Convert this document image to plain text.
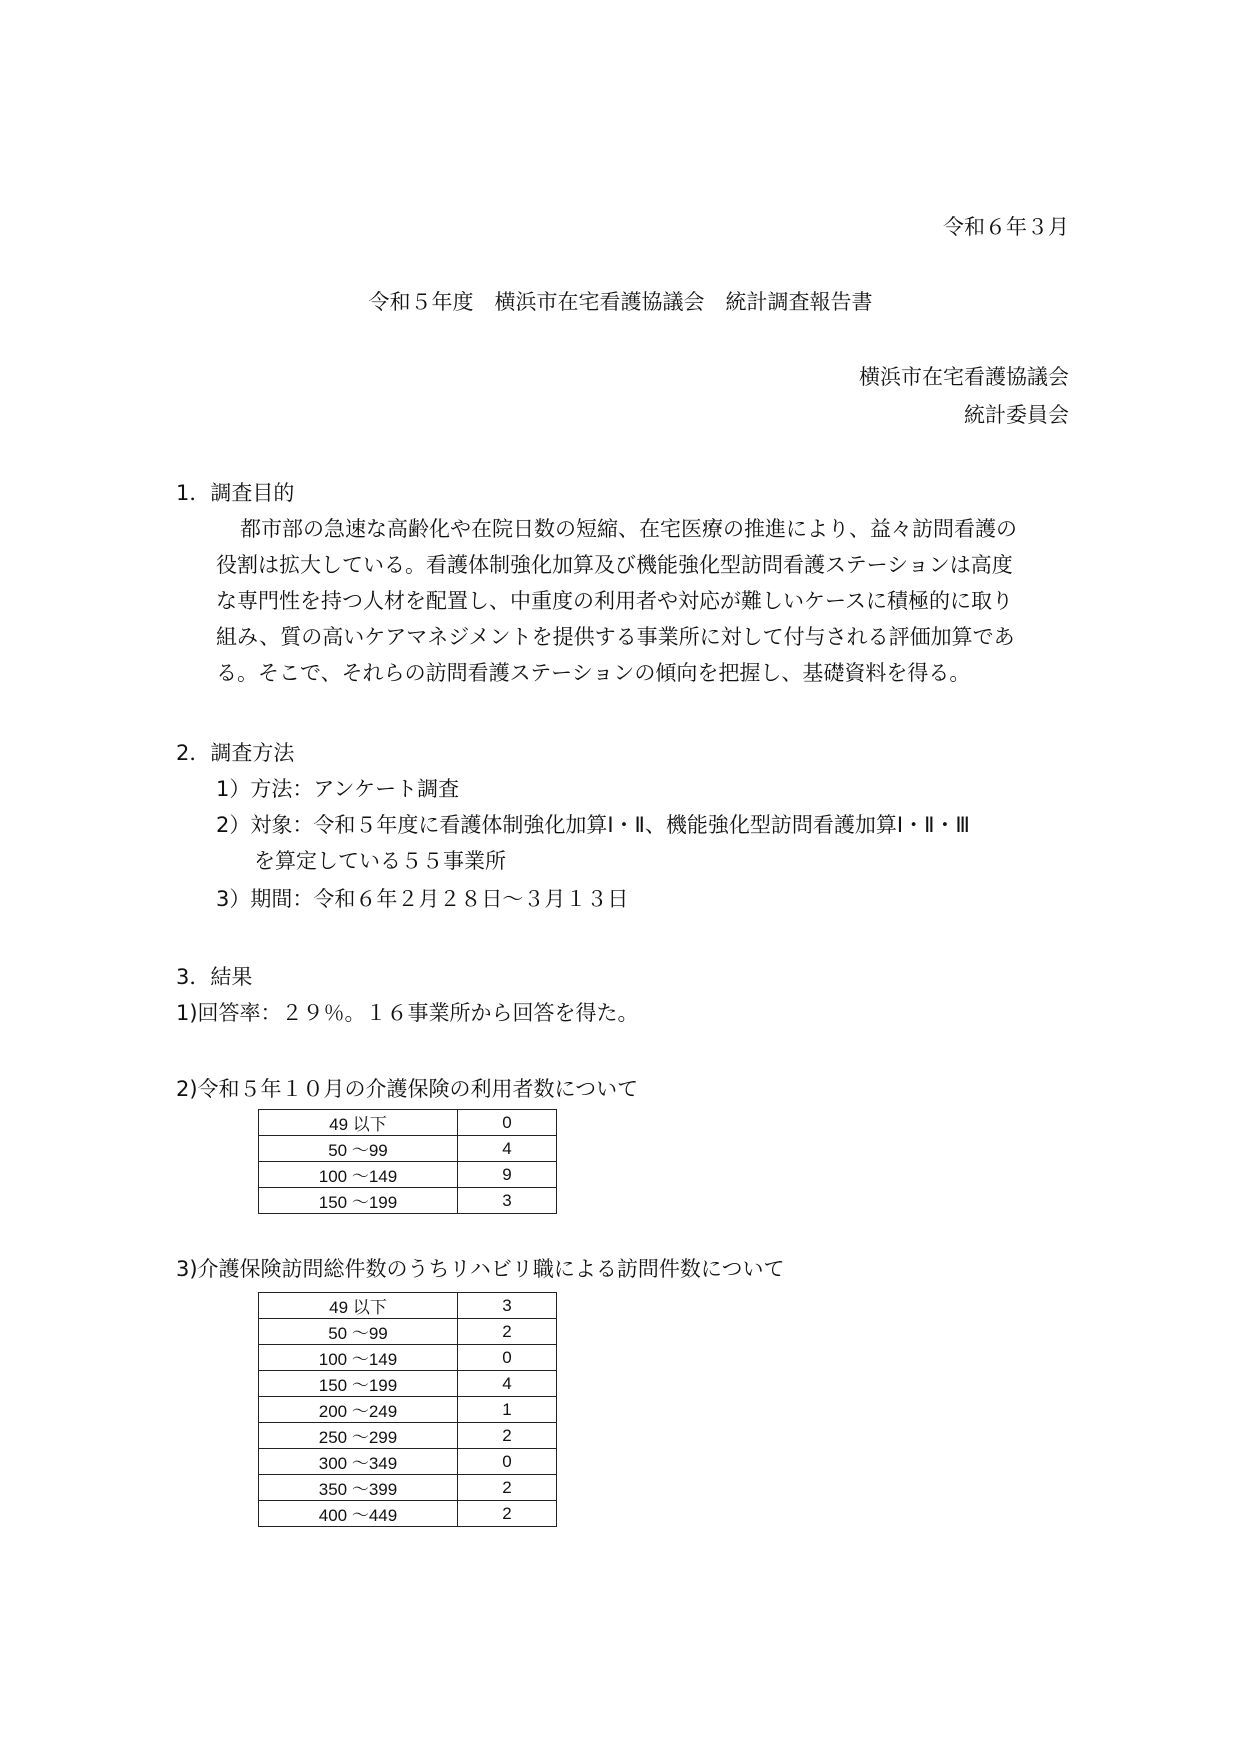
令和６年３月
令和５年度　横浜市在宅看護協議会　統計調査報告書
横浜市在宅看護協議会
統計委員会
1．調査目的
都市部の急速な高齢化や在院日数の短縮、在宅医療の推進により、益々訪問看護の
役割は拡大している。看護体制強化加算及び機能強化型訪問看護ステーションは高度
な専門性を持つ人材を配置し、中重度の利用者や対応が難しいケースに積極的に取り
組み、質の高いケアマネジメントを提供する事業所に対して付与される評価加算であ
る。そこで、それらの訪問看護ステーションの傾向を把握し、基礎資料を得る。
2．調査方法
1）方法：アンケート調査
2）対象：令和５年度に看護体制強化加算Ⅰ・Ⅱ、機能強化型訪問看護加算Ⅰ・Ⅱ・Ⅲ
を算定している５５事業所
3）期間：令和６年２月２８日～３月１３日
3．結果
1)回答率：２９％。１６事業所から回答を得た。
2)令和５年１０月の介護保険の利用者数について
49 以下	0
50 ～99	4
100 ～149	9
150 ～199	3
3)介護保険訪問総件数のうちリハビリ職による訪問件数について
49 以下	3
50 ～99	2
100 ～149	0
150 ～199	4
200 ～249	1
250 ～299	2
300 ～349	0
350 ～399	2
400 ～449	2
